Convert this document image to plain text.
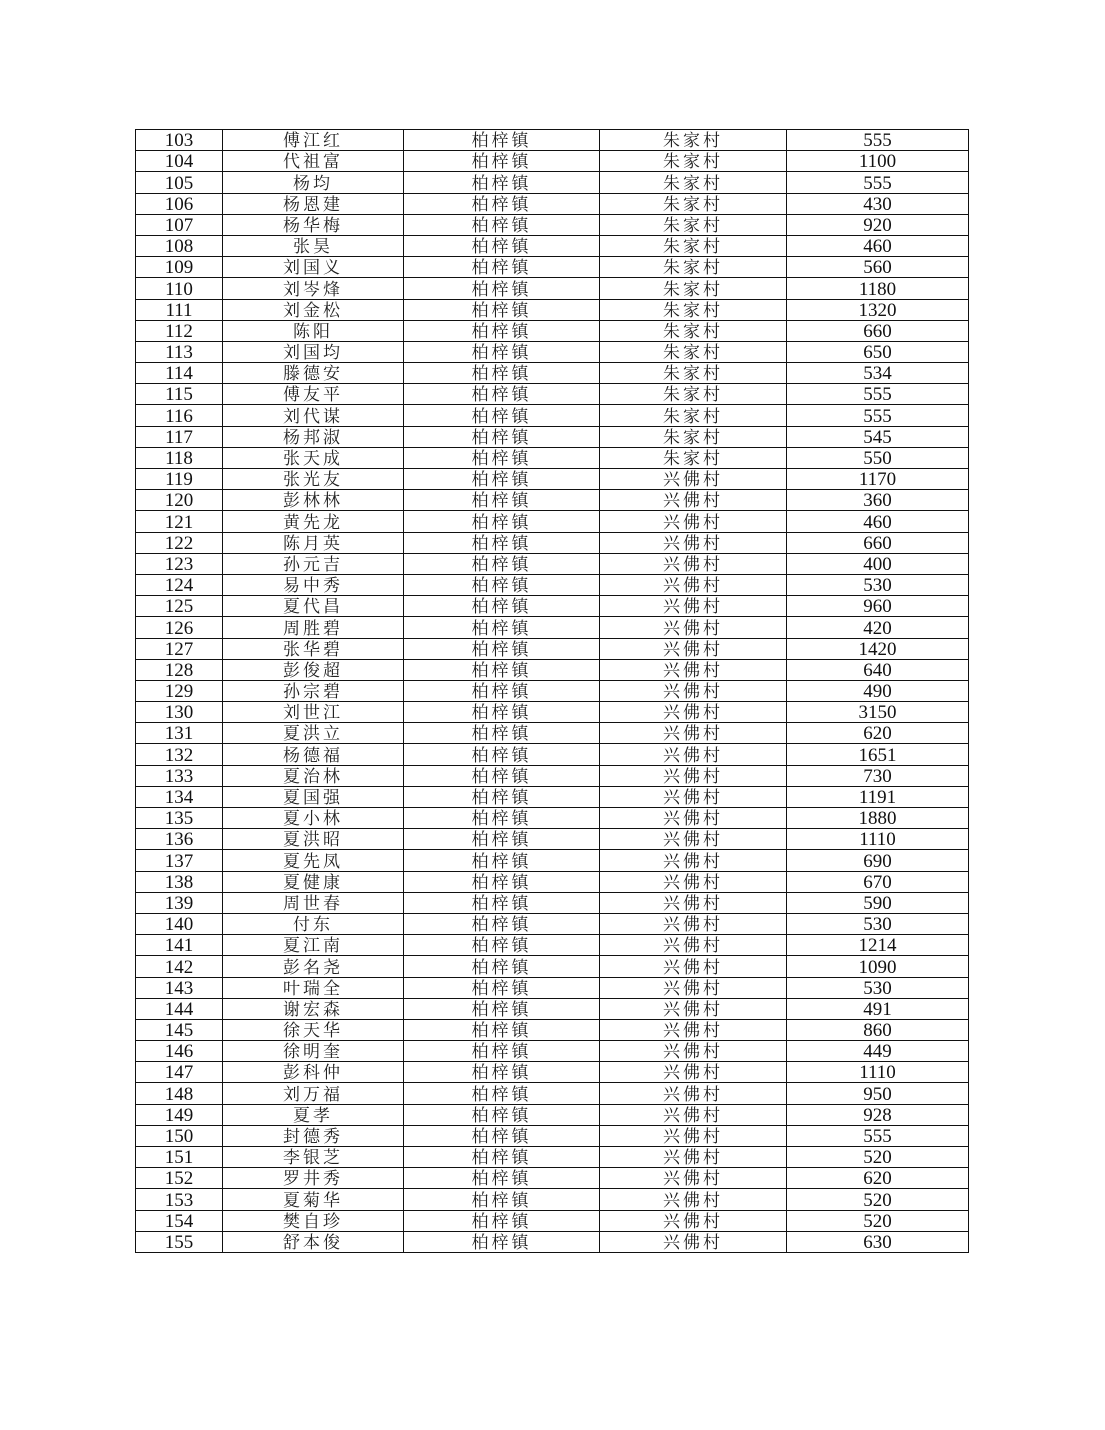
103	傅江红	柏梓镇	朱家村	555
104	代祖富	柏梓镇	朱家村	1100
105	杨均	柏梓镇	朱家村	555
106	杨恩建	柏梓镇	朱家村	430
107	杨华梅	柏梓镇	朱家村	920
108	张昊	柏梓镇	朱家村	460
109	刘国义	柏梓镇	朱家村	560
110	刘岑烽	柏梓镇	朱家村	1180
111	刘金松	柏梓镇	朱家村	1320
112	陈阳	柏梓镇	朱家村	660
113	刘国均	柏梓镇	朱家村	650
114	滕德安	柏梓镇	朱家村	534
115	傅友平	柏梓镇	朱家村	555
116	刘代谋	柏梓镇	朱家村	555
117	杨邦淑	柏梓镇	朱家村	545
118	张天成	柏梓镇	朱家村	550
119	张光友	柏梓镇	兴佛村	1170
120	彭林林	柏梓镇	兴佛村	360
121	黄先龙	柏梓镇	兴佛村	460
122	陈月英	柏梓镇	兴佛村	660
123	孙元吉	柏梓镇	兴佛村	400
124	易中秀	柏梓镇	兴佛村	530
125	夏代昌	柏梓镇	兴佛村	960
126	周胜碧	柏梓镇	兴佛村	420
127	张华碧	柏梓镇	兴佛村	1420
128	彭俊超	柏梓镇	兴佛村	640
129	孙宗碧	柏梓镇	兴佛村	490
130	刘世江	柏梓镇	兴佛村	3150
131	夏洪立	柏梓镇	兴佛村	620
132	杨德福	柏梓镇	兴佛村	1651
133	夏治林	柏梓镇	兴佛村	730
134	夏国强	柏梓镇	兴佛村	1191
135	夏小林	柏梓镇	兴佛村	1880
136	夏洪昭	柏梓镇	兴佛村	1110
137	夏先凤	柏梓镇	兴佛村	690
138	夏健康	柏梓镇	兴佛村	670
139	周世春	柏梓镇	兴佛村	590
140	付东	柏梓镇	兴佛村	530
141	夏江南	柏梓镇	兴佛村	1214
142	彭名尧	柏梓镇	兴佛村	1090
143	叶瑞全	柏梓镇	兴佛村	530
144	谢宏森	柏梓镇	兴佛村	491
145	徐天华	柏梓镇	兴佛村	860
146	徐明奎	柏梓镇	兴佛村	449
147	彭科仲	柏梓镇	兴佛村	1110
148	刘万福	柏梓镇	兴佛村	950
149	夏孝	柏梓镇	兴佛村	928
150	封德秀	柏梓镇	兴佛村	555
151	李银芝	柏梓镇	兴佛村	520
152	罗井秀	柏梓镇	兴佛村	620
153	夏菊华	柏梓镇	兴佛村	520
154	樊自珍	柏梓镇	兴佛村	520
155	舒本俊	柏梓镇	兴佛村	630
